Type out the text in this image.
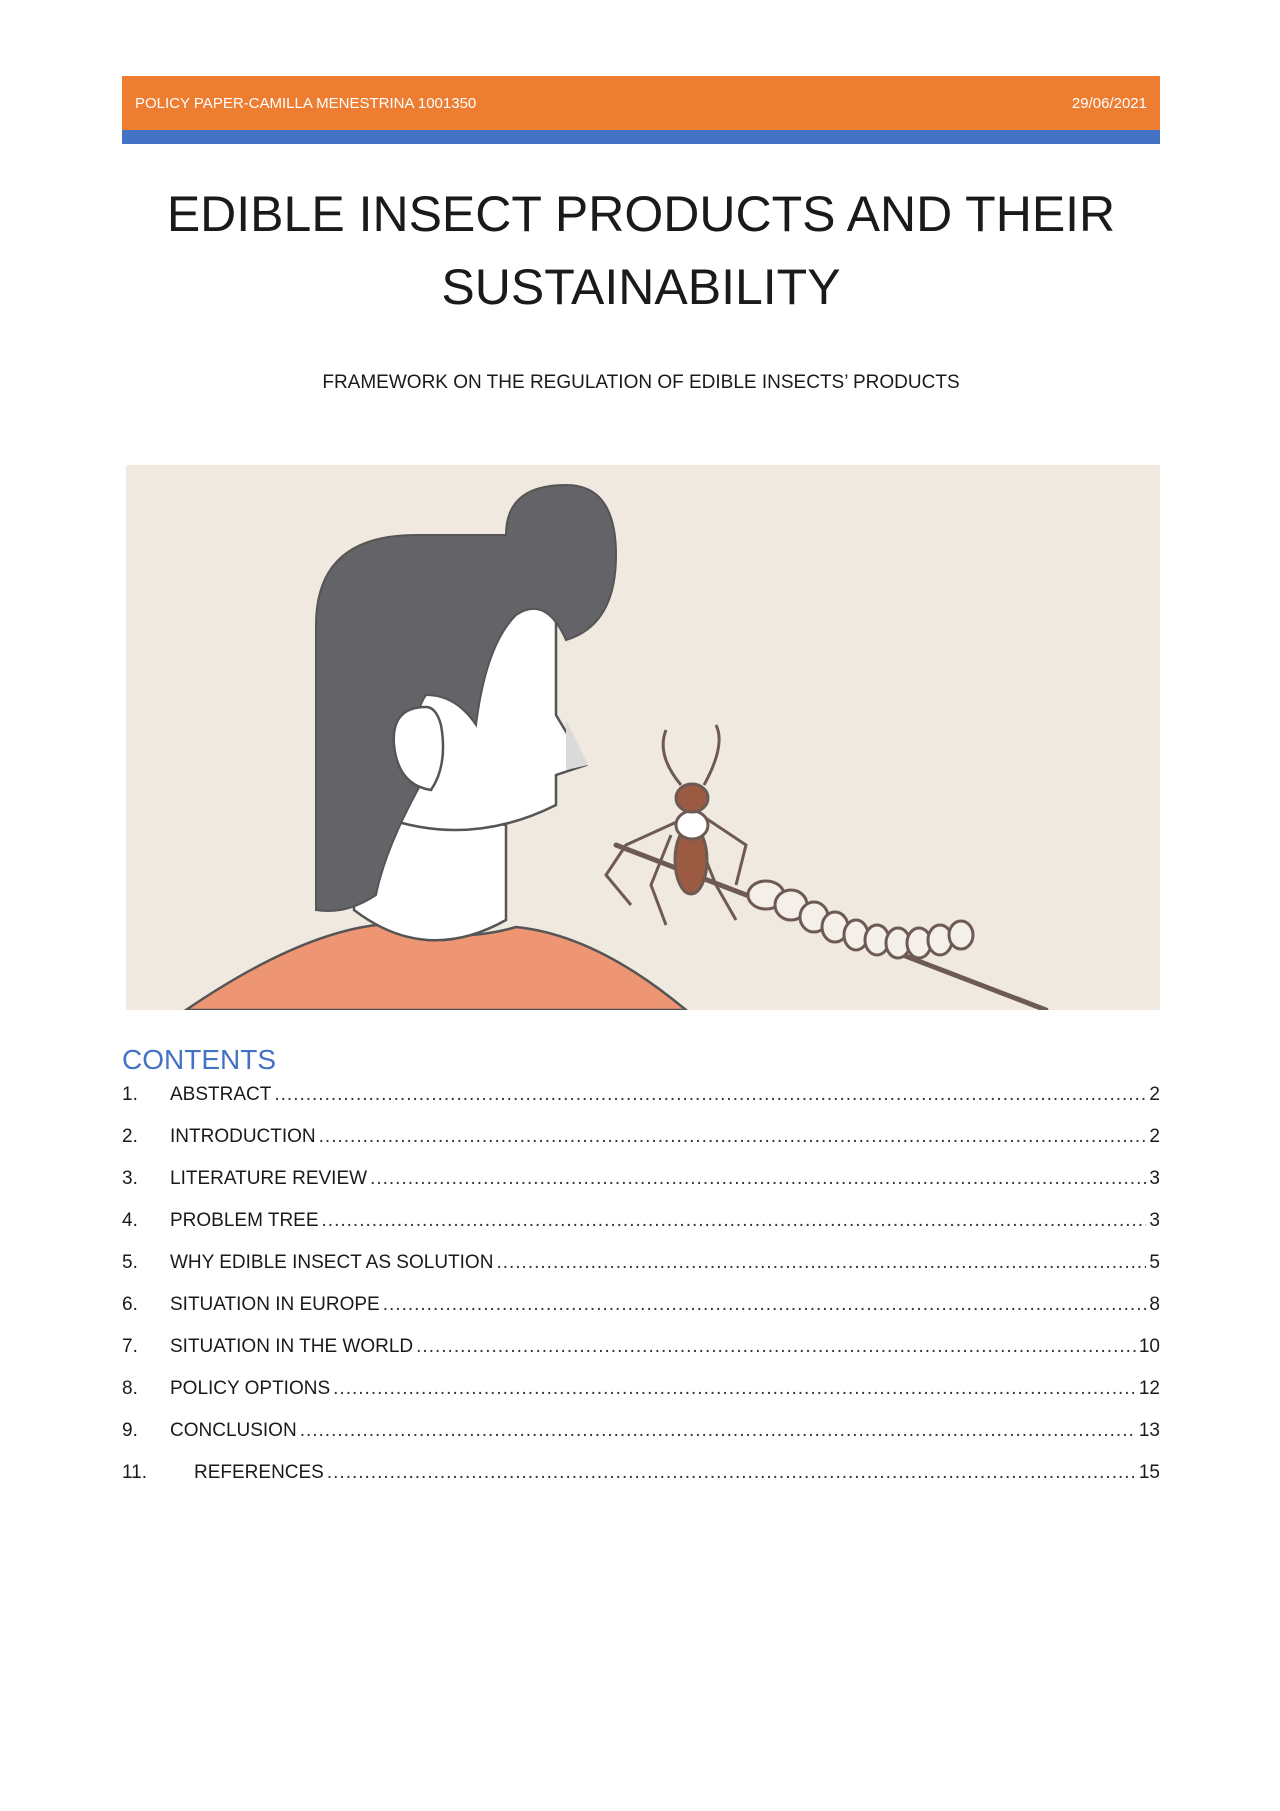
POLICY PAPER-CAMILLA MENESTRINA 1001350	29/06/2021
EDIBLE INSECT PRODUCTS AND THEIR
SUSTAINABILITY

FRAMEWORK ON THE REGULATION OF EDIBLE INSECTS’ PRODUCTS

CONTENTS
1.	ABSTRACT .....	2
2.	INTRODUCTION .....	2
3.	LITERATURE REVIEW .....	3
4.	PROBLEM TREE .....	3
5.	WHY EDIBLE INSECT AS SOLUTION .....	5
6.	SITUATION IN EUROPE .....	8
7.	SITUATION IN THE WORLD .....	10
8.	POLICY OPTIONS .....	12
9.	CONCLUSION .....	13
11.	REFERENCES .....	15
